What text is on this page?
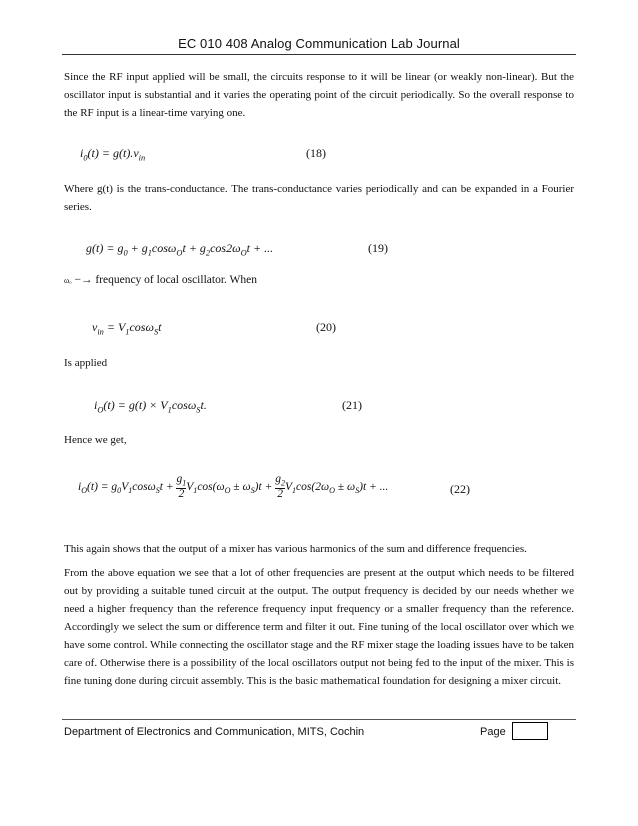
EC 010 408 Analog Communication Lab Journal
Since the RF input applied will be small, the circuits response to it will be linear (or weakly non-linear). But the oscillator input is substantial and it varies the operating point of the circuit periodically. So the overall response to the RF input is a linear-time varying one.
$i_0(t) = g(t).v_{in}$	(18)
Where g(t) is the trans-conductance. The trans-conductance varies periodically and can be expanded in a Fourier series.
$g(t) = g_0 + g_1\cos\omega_Ot + g_2\cos 2\omega_Ot$ + ...	(19)
ωₒ −→ frequency of local oscillator. When
$v_{in} = V_1\cos\omega_St$	(20)
Is applied
$i_O(t) = g(t) \times V_1\cos\omega_St$.	(21)
Hence we get,
$i_O(t) = g_0V_1\cos\omega_St + \frac{g_1}{2} V_1\cos(\omega_O \pm \omega_S)t + \frac{g_2}{2} V_1\cos(2\omega_O \pm \omega_S)t$ + ...	(22)
This again shows that the output of a mixer has various harmonics of the sum and difference frequencies.
From the above equation we see that a lot of other frequencies are present at the output which needs to be filtered out by providing a suitable tuned circuit at the output. The output frequency is decided by our needs whether we need a higher frequency than the reference frequency input frequency or a smaller frequency than the reference. Accordingly we select the sum or difference term and filter it out. Fine tuning of the local oscillator over which we have some control. While connecting the oscillator stage and the RF mixer stage the loading issues have to be taken care of. Otherwise there is a possibility of the local oscillators output not being fed to the input of the mixer. This is fine tuning done during circuit assembly. This is the basic mathematical foundation for designing a mixer circuit.
Department of Electronics and Communication, MITS, Cochin	Page
